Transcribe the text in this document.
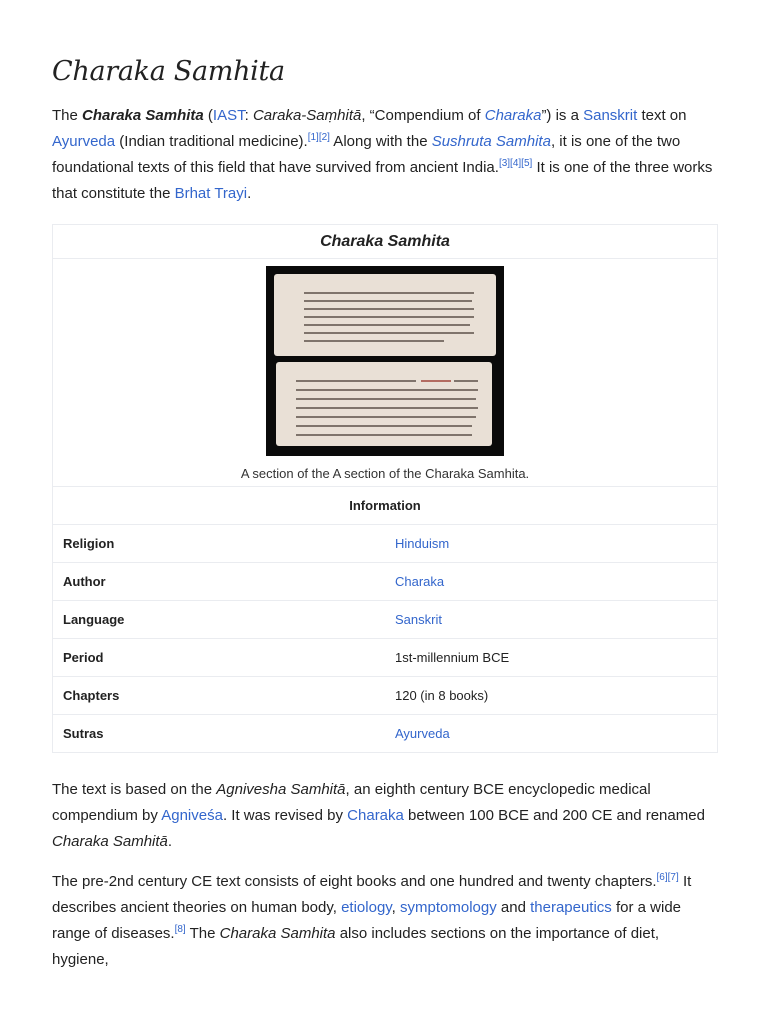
Charaka Samhita

The Charaka Samhita (IAST: Caraka-Saṃhitā, “Compendium of Charaka”) is a Sanskrit text on Ayurveda (Indian traditional medicine).[1][2] Along with the Sushruta Samhita, it is one of the two foundational texts of this field that have survived from ancient India.[3][4][5] It is one of the three works that constitute the Brhat Trayi.

Charaka Samhita
A section of the A section of the Charaka Samhita.
Information
Religion	Hinduism
Author	Charaka
Language	Sanskrit
Period	1st-millennium BCE
Chapters	120 (in 8 books)
Sutras	Ayurveda

The text is based on the Agnivesha Samhitā, an eighth century BCE encyclopedic medical compendium by Agniveśa. It was revised by Charaka between 100 BCE and 200 CE and renamed Charaka Samhitā.

The pre-2nd century CE text consists of eight books and one hundred and twenty chapters.[6][7] It describes ancient theories on human body, etiology, symptomology and therapeutics for a wide range of diseases.[8] The Charaka Samhita also includes sections on the importance of diet, hygiene,
